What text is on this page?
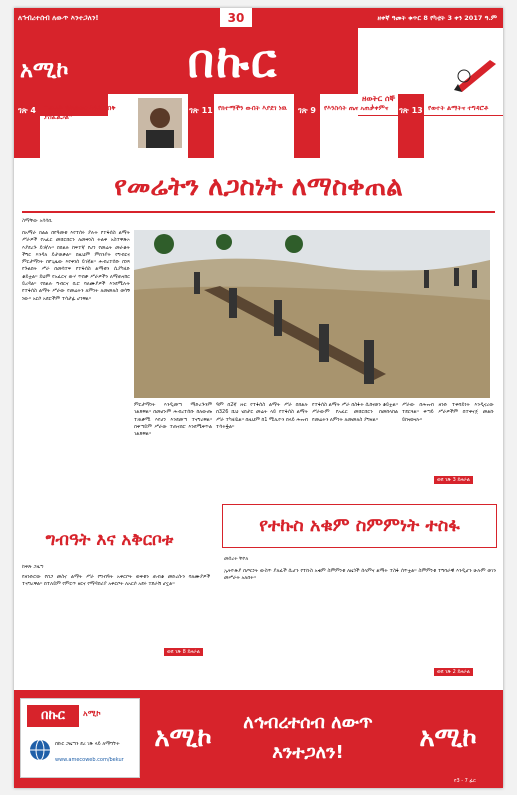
ለኅብረተሰብ ለውጥ እንተጋለን!	30	ዘቀኛ ዓመት ቁጥር 8 የካቲት 3 ቀን 2017 ዓ.ም
አሚኮ	በኩር
ዘወትር ሰኞ
ገጽ 4	“መሬት በሕይወቱ እንዲጠበቅ ያስፈልጋል”
ገጽ 11 የክተማችን ውበት እያደገ ነዉ	ገጽ 9	የእንስሳት ጤና አጠቃቀምና	ገጽ 13 የወተት ልማትና ተግዳሮቶ
የመሬትን ለጋስነት ለማስቀጠል
ስማቸው አሳሳቢ
በአማራ ክልል በየዓመቱ እየተሰሩ ያሉት የተፋሰስ ልማት ሥራዎች የአፈር መሸርሸርን ለመቀነስ ትልቅ አስተዋጽኦ እያደረጉ ይገኛሉ። በክልሉ ከፍተኛ የሆነ የመሬት መራቆት ችግር እንዳለ ይታወቃል። በዚህም ምክንያት የግብርና ምርታማነት በየጊዜው እየቀነሰ ይገኛል። ሕብረተሰቡ በነጻ የጉልበት ሥራ በመሳተፍ የተፋሰስ ልማቱን ሲያካሂድ ቆይቷል። ይህም የአፈርና ውሃ ጥበቃ ሥራዎችን ለማጠናከር ይረዳል። የክልሉ ግብርና ቢሮ ባለሙያዎች እንደሚሉት የተፋሰስ ልማት ሥራው የመሬትን ለምነት ለመመለስ ወሳኝ ነው። አርሶ አደሮችም ተሳታፊ ሆነዋል።
ምርታማነት እንዲመጣ ማድረጉንም ገልጸዋል። በመሆኑም ሕብረተሰቡ ከለውጡ ተጠቃሚ እየሆነ እንደመጣ ተናግረዋል። በቀጣይም ሥራው ተጠናክሮ እንደሚቀጥል ገልጸዋል።
ዓም በ2ኛ ዙር የተፋሰስ ልማት ሥራ በክልሉ በ326 ሺህ ሄክታር መሬት ላይ የተፋሰስ ልማት ሥራ ተካሂዷል። በዚህም ከ1 ሚሊዮን በላይ ሕዝብ ተሳትፏል።
የተፋሰስ ልማት ሥራ በስፋት ሲከናወን ቆይቷል። ሥራውም የአፈር መሸርሸርን በመከላከል የመሬትን ለምነት ለመመለስ ያግዛል።
ሥራው በሕዝብ ዘንድ ተቀባይነት እንዲኖረው ተደርጓል። ቀጣይ ሥራዎችም በተቀናጀ መልኩ ይከናወናሉ።
ወደ ገጽ 3 ይዞራል
ግብዓት እና አቅርቦቱ
ከቅጽ ጋዜጣ
የዘንድሮው የበጋ መስኖ ልማት ሥራ የግብዓት አቅርቦት ወቅቱን ጠብቆ መድረሱን ባለሙያዎች ተናግረዋል። በተለይም የምርጥ ዘርና የማዳበሪያ አቅርቦት ለአርሶ አደሩ ተደራሽ ሆኗል።
ወደ ገጽ 8 ይዞራል
የተኩስ አቁም ስምምነት ተስፋ
መሰረት ቸኮለ
ኢትዮጵያ በጦርነት ውስጥ ያለፈች ሲሆን የተኩስ አቁም ስምምነቱ ለዜጎች ሰላምና ልማት ተስፋ ሰጥቷል። ስምምነቱ ተግባራዊ እንዲሆን ሁሉም ወገን መሥራት አለበት።
ወደ ገጽ 2 ይዞራል
በኩር	አሚኮ
በኩር ጋዜጣን ደረ ገጽ ላይ ለማግኘት
www.amecoweb.com/bekur
አሚኮ
ለኅብረተሰብ ለውጥ እንተጋለን!	አሚኮ
የ3 - 7 ፊር
